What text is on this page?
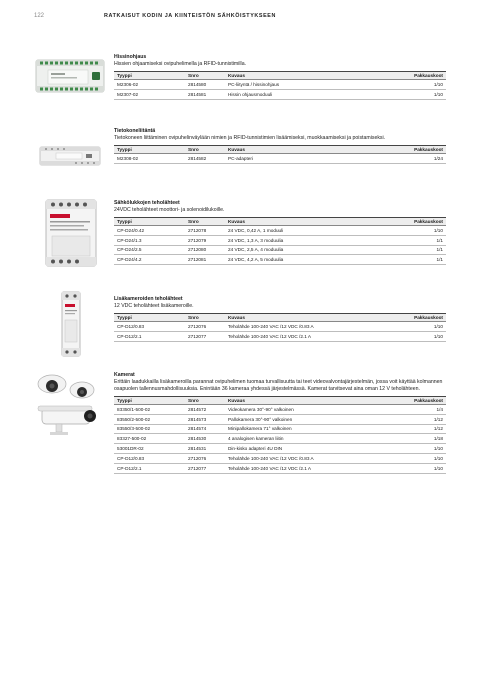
122	RATKAISUT KODIN JA KIINTEISTÖN SÄHKÖISTYKSEEN
Hissinohjaus
Hissien ohjaamiseksi ovipuhelimella ja RFID-tunnistimilla.
Tyyppi	Snro	Kuvaus	Pakkauskoot
M2306-02	2814580	PC-liityntä / hissinohjaus	1/10
M2307-02	2814581	Hissin ohjausmoduuli	1/10
Tietokoneliitäntä
Tietokoneen liittäminen ovipuhelinväylään nimien ja RFID-tunnistimien lisäämiseksi, muokkaamiseksi ja poistamiseksi.
Tyyppi	Snro	Kuvaus	Pakkauskoot
M2308-02	2814582	PC-adapteri	1/24
Sähkölukkojen teholähteet
24VDC teholähteet moottori- ja solenoidilukoille.
Tyyppi	Snro	Kuvaus	Pakkauskoot
CP-D24/0.42	2712078	24 VDC, 0,42 A, 1 moduuli	1/10
CP-D24/1.3	2712079	24 VDC, 1,3 A, 3 moduulia	1/1
CP-D24/2.5	2712080	24 VDC, 2,5 A, 4 moduulia	1/1
CP-D24/4.2	2712081	24 VDC, 4,2 A, 5 moduulia	1/1
Lisäkameroiden teholähteet
12 VDC teholähteet lisäkameroille.
Tyyppi	Snro	Kuvaus	Pakkauskoot
CP-D12/0.83	2712076	Teholähde 100-240 VAC /12 VDC /0.83 A	1/10
CP-D12/2.1	2712077	Teholähde 100-240 VAC /12 VDC /2.1 A	1/10
Kamerat
Erittäin laadukkailla lisäkameroilla parannat ovipuhelimen tuomaa turvallisuutta tai teet videovalvontajärjestelmän, jossa voit käyttää kolmannen osapuolen tallennusmahdollisuuksia. Enintään 36 kameraa yhdessä järjestelmässä. Kamerat tarvitsevat aina oman 12 V teholähteen.
Tyyppi	Snro	Kuvaus	Pakkauskoot
83350/1-500-02	2814572	Videokamera 30°-90° valkoinen	1/4
83550/2-500-02	2814573	Pallokamera 30°-90° valkoinen	1/12
83550/3-500-02	2814574	Minipallokamera 71° valkoinen	1/12
83327-500-02	2814530	4 analogisen kameran liitin	1/18
53001DR-02	2814531	Din-kisko adapteri 4U DIN	1/10
CP-D12/0.83	2712076	Teholähde 100-240 VAC /12 VDC /0.83 A	1/10
CP-D12/2.1	2712077	Teholähde 100-240 VAC /12 VDC /2.1 A	1/10
